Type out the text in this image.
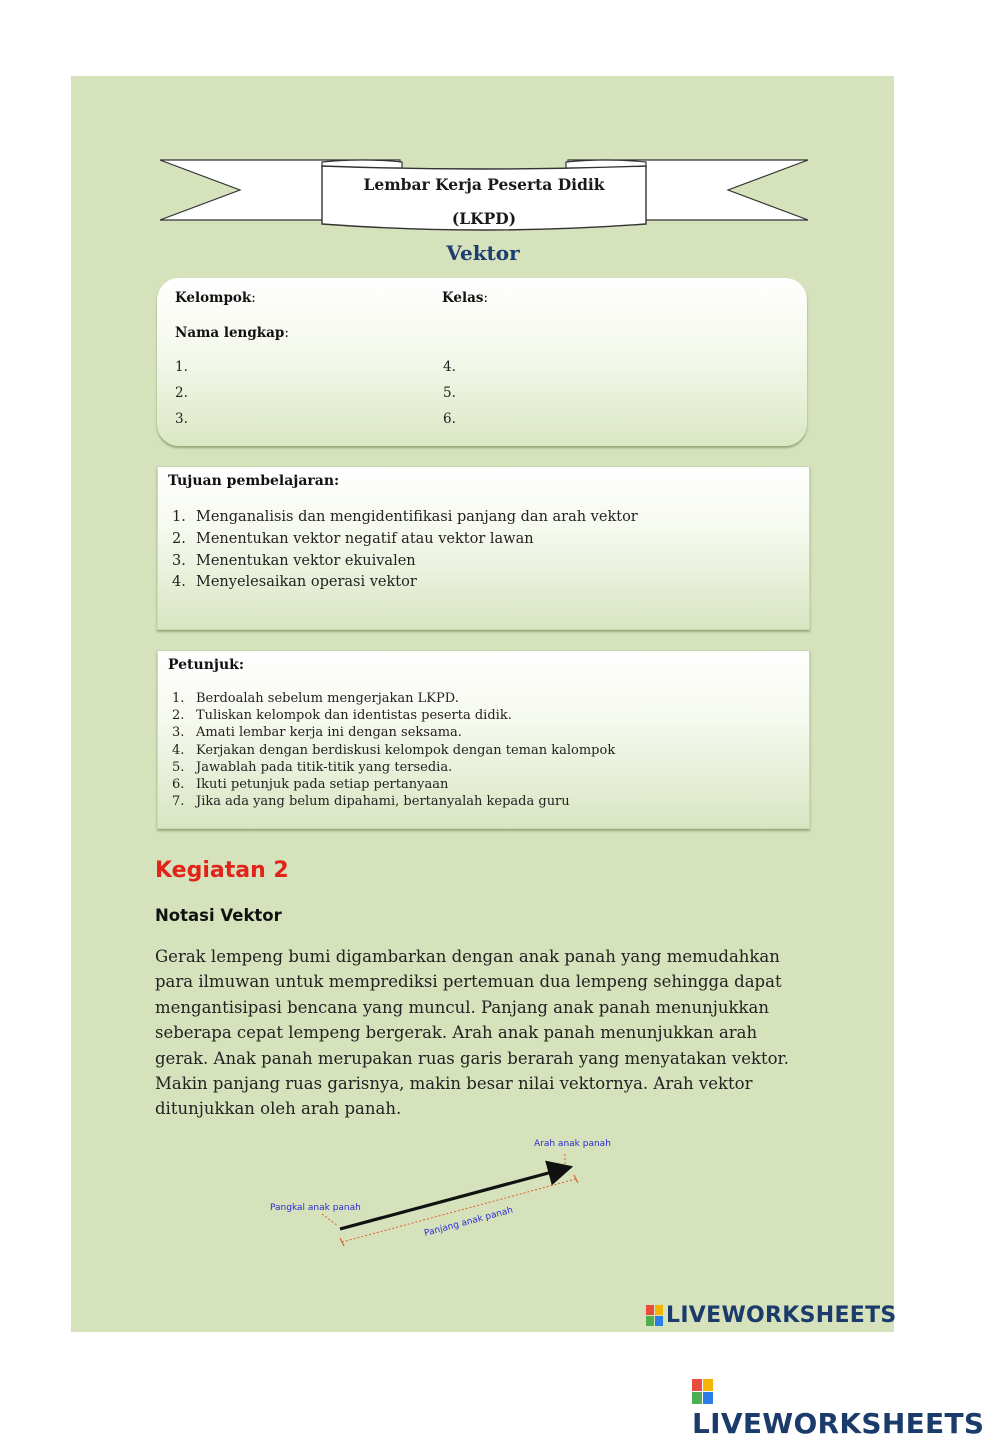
Lembar Kerja Peserta Didik
(LKPD)
Vektor
Kelompok:	Kelas:
Nama lengkap:
1.
2.
3.
4.
5.
6.
Tujuan pembelajaran:
1. Menganalisis dan mengidentifikasi panjang dan arah vektor
2. Menentukan vektor negatif atau vektor lawan
3. Menentukan vektor ekuivalen
4. Menyelesaikan operasi vektor
Petunjuk:
1. Berdoalah sebelum mengerjakan LKPD.
2. Tuliskan kelompok dan identistas peserta didik.
3. Amati lembar kerja ini dengan seksama.
4. Kerjakan dengan berdiskusi kelompok dengan teman kalompok
5. Jawablah pada titik-titik yang tersedia.
6. Ikuti petunjuk pada setiap pertanyaan
7. Jika ada yang belum dipahami, bertanyalah kepada guru
Kegiatan 2
Notasi Vektor

Gerak lempeng bumi digambarkan dengan anak panah yang memudahkan para ilmuwan untuk memprediksi pertemuan dua lempeng sehingga dapat mengantisipasi bencana yang muncul. Panjang anak panah menunjukkan seberapa cepat lempeng bergerak. Arah anak panah menunjukkan arah gerak. Anak panah merupakan ruas garis berarah yang menyatakan vektor. Makin panjang ruas garisnya, makin besar nilai vektornya. Arah vektor ditunjukkan oleh arah panah.

Arah anak panah
Pangkal anak panah	Panjang anak panah
LIVEWORKSHEETS
LIVEWORKSHEETS
